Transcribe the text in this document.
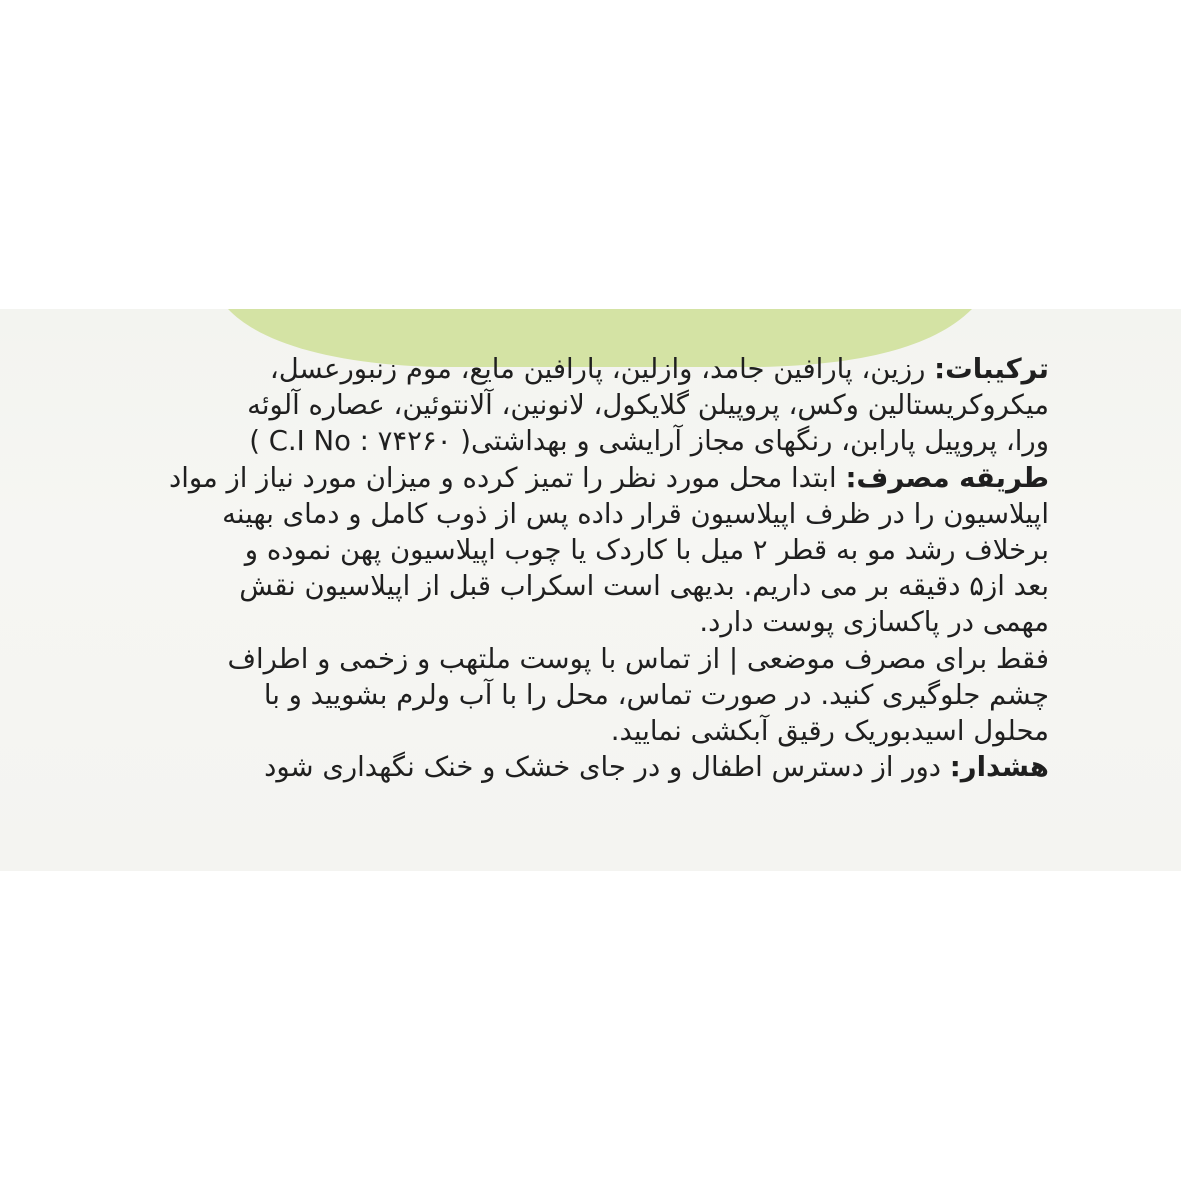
ترکیبات: رزین، پارافین جامد، وازلین، پارافین مایع، موم زنبورعسل،
میکروکریستالین وکس، پروپیلن گلایکول، لانونین، آلانتوئین، عصاره آلوئه
ورا، پروپیل پارابن، رنگهای مجاز آرایشی و بهداشتی( C.I No : ۷۴۲۶۰ )

طریقه مصرف: ابتدا محل مورد نظر را تمیز کرده و میزان مورد نیاز از مواد
اپیلاسیون را در ظرف اپیلاسیون قرار داده پس از ذوب کامل و دمای بهینه
برخلاف رشد مو به قطر ۲ میل با کاردک یا چوب اپیلاسیون پهن نموده و
بعد از۵ دقیقه بر می داریم. بدیهی است اسکراب قبل از اپیلاسیون نقش
مهمی در پاکسازی پوست دارد.

فقط برای مصرف موضعی | از تماس با پوست ملتهب و زخمی و اطراف
چشم جلوگیری کنید. در صورت تماس، محل را با آب ولرم بشویید و با
محلول اسیدبوریک رقیق آبکشی نمایید.

هشدار: دور از دسترس اطفال و در جای خشک و خنک نگهداری شود
